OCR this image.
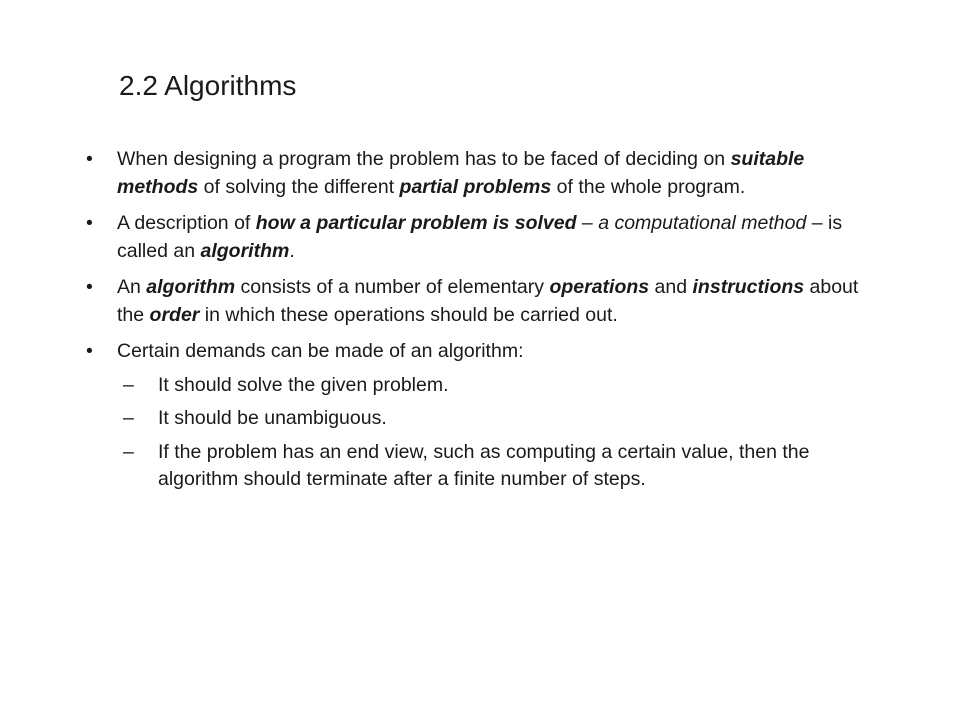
2.2 Algorithms
• When designing a program the problem has to be faced of deciding on suitable methods of solving the different partial problems of the whole program.
• A description of how a particular problem is solved – a computational method – is called an algorithm.
• An algorithm consists of a number of elementary operations and instructions about the order in which these operations should be carried out.
• Certain demands can be made of an algorithm:
– It should solve the given problem.
– It should be unambiguous.
– If the problem has an end view, such as computing a certain value, then the algorithm should terminate after a finite number of steps.
